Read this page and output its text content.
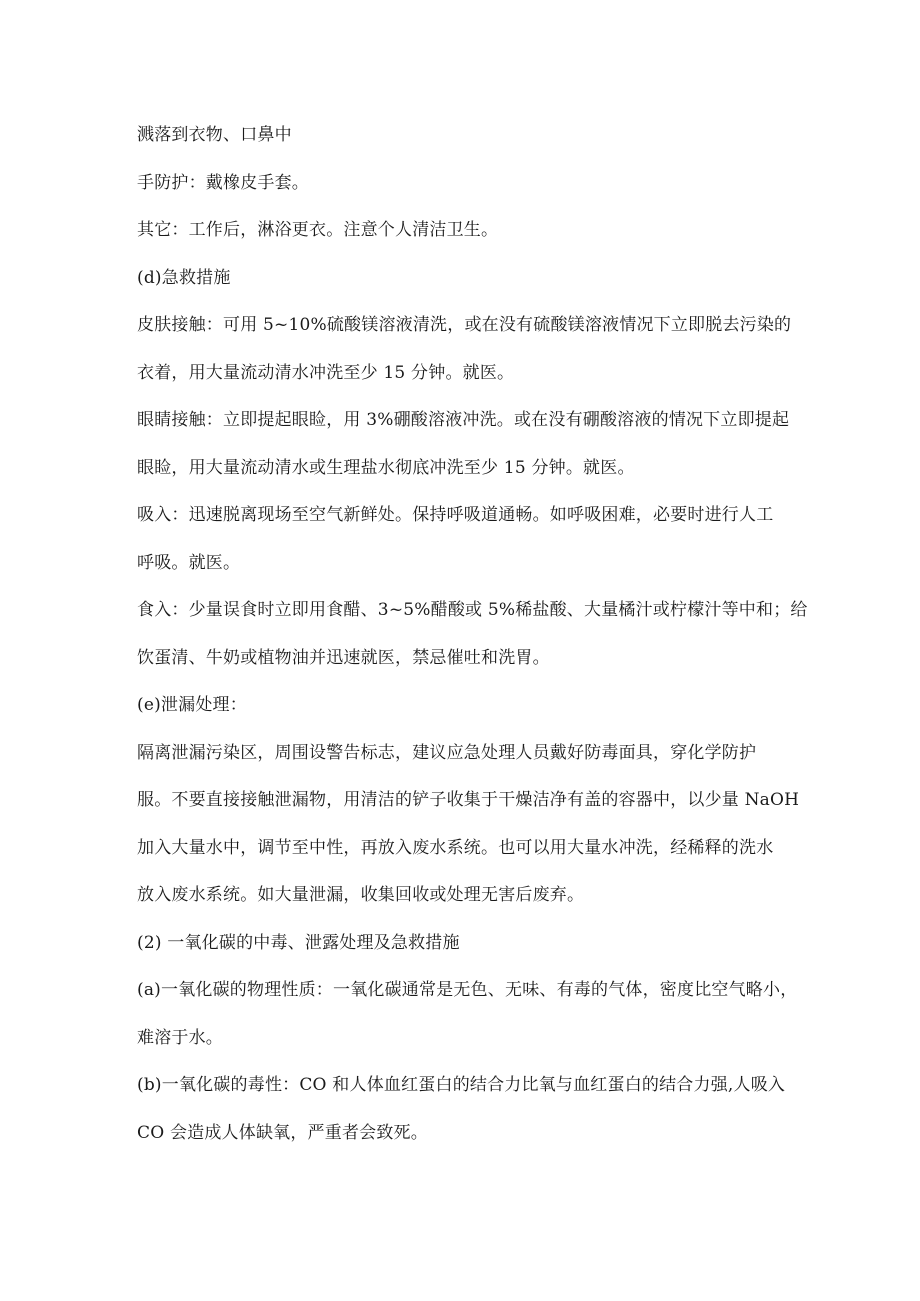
溅落到衣物、口鼻中
手防护：戴橡皮手套。
其它：工作后，淋浴更衣。注意个人清洁卫生。
(d)急救措施
皮肤接触：可用 5~10%硫酸镁溶液清洗，或在没有硫酸镁溶液情况下立即脱去污染的
衣着，用大量流动清水冲洗至少 15 分钟。就医。
眼睛接触：立即提起眼睑，用 3%硼酸溶液冲洗。或在没有硼酸溶液的情况下立即提起
眼睑，用大量流动清水或生理盐水彻底冲洗至少 15 分钟。就医。
吸入：迅速脱离现场至空气新鲜处。保持呼吸道通畅。如呼吸困难，必要时进行人工
呼吸。就医。
食入：少量误食时立即用食醋、3~5%醋酸或 5%稀盐酸、大量橘汁或柠檬汁等中和；给
饮蛋清、牛奶或植物油并迅速就医，禁忌催吐和洗胃。
(e)泄漏处理：
隔离泄漏污染区，周围设警告标志，建议应急处理人员戴好防毒面具，穿化学防护
服。不要直接接触泄漏物，用清洁的铲子收集于干燥洁净有盖的容器中，以少量 NaOH
加入大量水中，调节至中性，再放入废水系统。也可以用大量水冲洗，经稀释的洗水
放入废水系统。如大量泄漏，收集回收或处理无害后废弃。
(2) 一氧化碳的中毒、泄露处理及急救措施
(a)一氧化碳的物理性质：一氧化碳通常是无色、无味、有毒的气体，密度比空气略小，
难溶于水。
(b)一氧化碳的毒性：CO 和人体血红蛋白的结合力比氧与血红蛋白的结合力强,人吸入
CO 会造成人体缺氧，严重者会致死。
